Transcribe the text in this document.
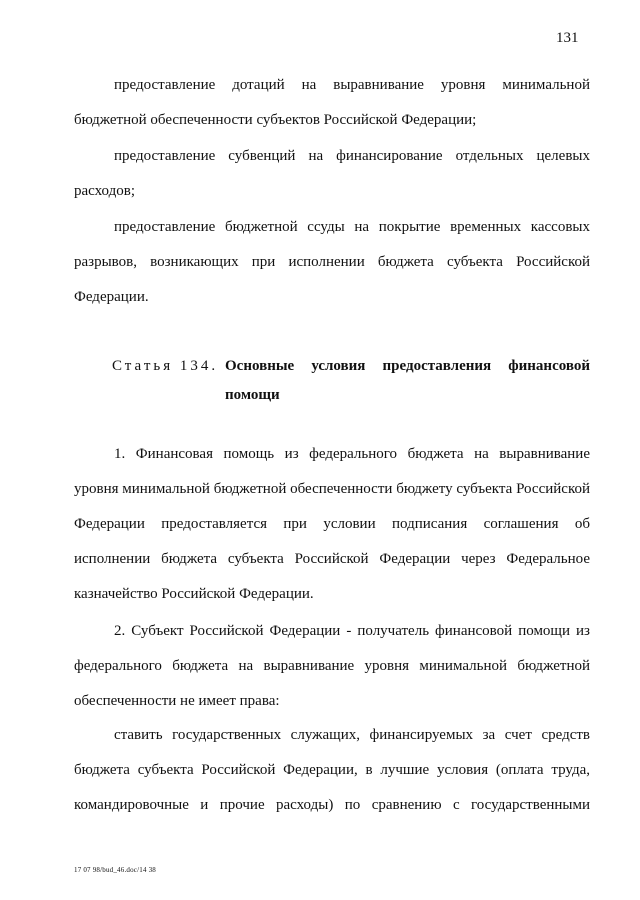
131

предоставление дотаций на выравнивание уровня минимальной бюджетной обеспеченности субъектов Российской Федерации;

предоставление субвенций на финансирование отдельных целевых расходов;

предоставление бюджетной ссуды на покрытие временных кассовых разрывов, возникающих при исполнении бюджета субъекта Российской Федерации.

Статья 134. Основные условия предоставления финансовой помощи

1. Финансовая помощь из федерального бюджета на выравнивание уровня минимальной бюджетной обеспеченности бюджету субъекта Российской Федерации предоставляется при условии подписания соглашения об исполнении бюджета субъекта Российской Федерации через Федеральное казначейство Российской Федерации.

2. Субъект Российской Федерации - получатель финансовой помощи из федерального бюджета на выравнивание уровня минимальной бюджетной обеспеченности не имеет права:

ставить государственных служащих, финансируемых за счет средств бюджета субъекта Российской Федерации, в лучшие условия (оплата труда, командировочные и прочие расходы) по сравнению с государственными

17 07 98/bud_46.doc/14 38
